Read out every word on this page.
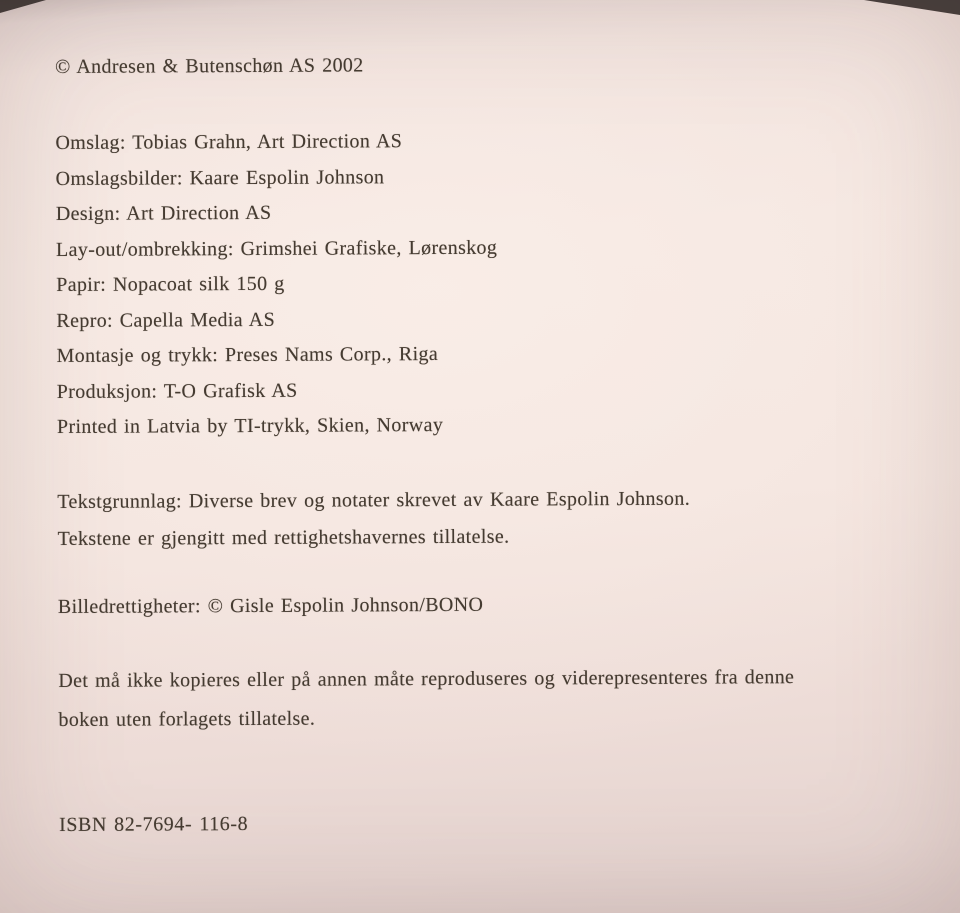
© Andresen & Butenschøn AS 2002

Omslag: Tobias Grahn, Art Direction AS

Omslagsbilder: Kaare Espolin Johnson

Design: Art Direction AS

Lay-out/ombrekking: Grimshei Grafiske, Lørenskog

Papir: Nopacoat silk 150 g

Repro: Capella Media AS

Montasje og trykk: Preses Nams Corp., Riga

Produksjon: T-O Grafisk AS

Printed in Latvia by TI-trykk, Skien, Norway

Tekstgrunnlag: Diverse brev og notater skrevet av Kaare Espolin Johnson.

Tekstene er gjengitt med rettighetshavernes tillatelse.

Billedrettigheter: © Gisle Espolin Johnson/BONO

Det må ikke kopieres eller på annen måte reproduseres og viderepresenteres fra denne

boken uten forlagets tillatelse.

ISBN 82-7694- 116-8
